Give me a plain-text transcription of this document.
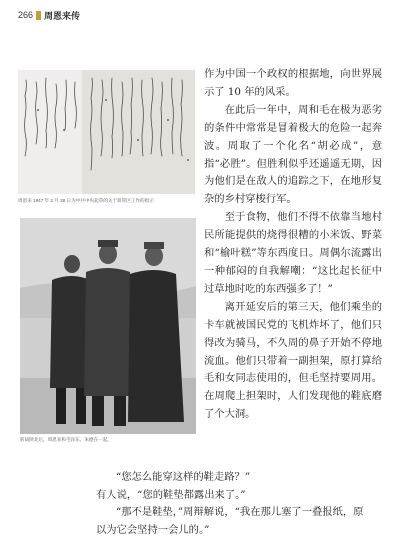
266 周恩来传
周恩来 1947 年 2 月 28 日为中共中央起草的关于蒋管区工作的指示
转战陕北后，周恩来和毛泽东、朱德在一起。

作为中国一个政权的根据地，向世界展示了 10 年的风采。

在此后一年中，周和毛在极为恶劣的条件中常常是冒着极大的危险一起奔波。周取了一个化名“胡必成”，意指“必胜”。但胜利似乎还遥遥无期，因为他们是在敌人的追踪之下，在地形复杂的乡村穿梭行军。

至于食物，他们不得不依靠当地村民所能提供的烧得很糟的小米饭、野菜和“榆叶糕”等东西度日。周偶尔流露出一种郁闷的自我解嘲：“这比起长征中过草地时吃的东西强多了！”

离开延安后的第三天，他们乘坐的卡车就被国民党的飞机炸坏了，他们只得改为骑马，不久周的鼻子开始不停地流血。他们只带着一副担架，原打算给毛和女同志使用的，但毛坚持要周用。在周爬上担架时，人们发现他的鞋底磨了个大洞。

“您怎么能穿这样的鞋走路？”

有人说，“您的鞋垫都露出来了。”

“那不是鞋垫，”周辩解说，“我在那儿塞了一叠报纸，原

以为它会坚持一会儿的。”
